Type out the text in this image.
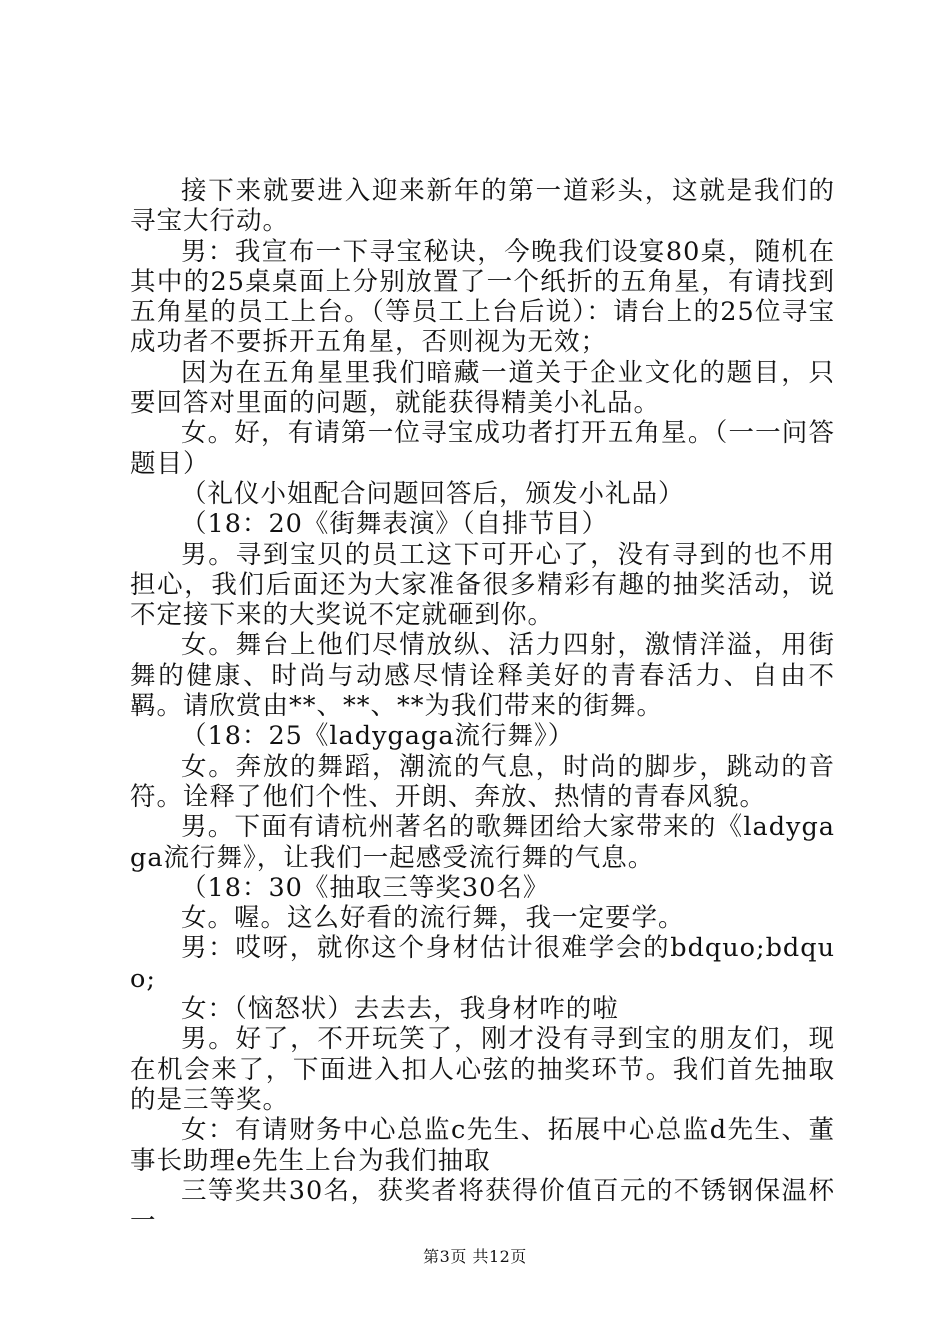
接下来就要进入迎来新年的第一道彩头，这就是我们的寻宝大行动。

男：我宣布一下寻宝秘诀，今晚我们设宴80桌，随机在其中的25桌桌面上分别放置了一个纸折的五角星，有请找到五角星的员工上台。（等员工上台后说）：请台上的25位寻宝成功者不要拆开五角星，否则视为无效；

因为在五角星里我们暗藏一道关于企业文化的题目，只要回答对里面的问题，就能获得精美小礼品。

女。好，有请第一位寻宝成功者打开五角星。（一一问答题目）

（礼仪小姐配合问题回答后，颁发小礼品）

（18：20《街舞表演》（自排节目）

男。寻到宝贝的员工这下可开心了，没有寻到的也不用担心，我们后面还为大家准备很多精彩有趣的抽奖活动，说不定接下来的大奖说不定就砸到你。

女。舞台上他们尽情放纵、活力四射，激情洋溢，用街舞的健康、时尚与动感尽情诠释美好的青春活力、自由不羁。请欣赏由**、**、**为我们带来的街舞。

（18：25《ladygaga流行舞》）

女。奔放的舞蹈，潮流的气息，时尚的脚步，跳动的音符。诠释了他们个性、开朗、奔放、热情的青春风貌。

男。下面有请杭州著名的歌舞团给大家带来的《ladygaga流行舞》，让我们一起感受流行舞的气息。

（18：30《抽取三等奖30名》

女。喔。这么好看的流行舞，我一定要学。

男：哎呀，就你这个身材估计很难学会的bdquo;bdquo;

女：（恼怒状）去去去，我身材咋的啦

男。好了，不开玩笑了，刚才没有寻到宝的朋友们，现在机会来了，下面进入扣人心弦的抽奖环节。我们首先抽取的是三等奖。

女：有请财务中心总监c先生、拓展中心总监d先生、董事长助理e先生上台为我们抽取

三等奖共30名，获奖者将获得价值百元的不锈钢保温杯一

第3页 共12页
